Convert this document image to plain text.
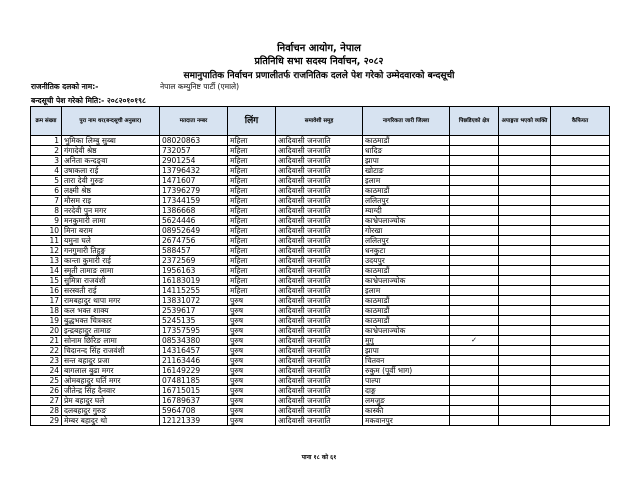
निर्वाचन आयोग, नेपाल
प्रतिनिधि सभा सदस्य निर्वाचन, २०८२
समानुपातिक निर्वाचन प्रणालीतर्फ राजनितिक दलले पेश गरेको उम्मेदवारको बन्दसूची
राजनीतिक दलको नाम:-	नेपाल कम्युनिष्ट पार्टी (एमाले)
बन्दसूची पेश गरेको मिति:- २०८२०१०१९८
क्रम संख्या	पुरा नाम थर(बन्दसूची अनुसार)	मतदाता नम्बर	लिंग	समावेशी समूह	नागरिकता जारी जिल्ला	पिछडिएको क्षेत्र	अपाङ्गता भएको व्यक्ति	कैफियत
1	भुमिका लिम्बु सुब्बा	08020863	महिला	आदिवासी जनजाति	काठमाडौं			
2	गंगादेवी श्रेष्ठ	732057	महिला	आदिवासी जनजाति	धादिङ			
3	अनिता कन्दङ्वा	2901254	महिला	आदिवासी जनजाति	झापा			
4	उषाकला राई	13796432	महिला	आदिवासी जनजाति	खोटाङ			
5	तारा देवी गुरुङ	1471607	महिला	आदिवासी जनजाति	इलाम			
6	लक्ष्मी श्रेष्ठ	17396279	महिला	आदिवासी जनजाति	काठमाडौं			
7	मौसम राइ	17344159	महिला	आदिवासी जनजाति	ललितपुर			
8	नरदेवी पुन मगर	1386668	महिला	आदिवासी जनजाति	म्याग्दी			
9	मनकुमारी लामा	5624446	महिला	आदिवासी जनजाति	काभ्रेपलाञ्चोक			
10	मिना बराम	08952649	महिला	आदिवासी जनजाति	गोरखा			
11	यमुना घले	2674756	महिला	आदिवासी जनजाति	ललितपुर			
12	गनगुमारी तिहुङ्ग	588457	महिला	आदिवासी जनजाति	धनकुटा			
13	कान्ता कुमारी राई	2372569	महिला	आदिवासी जनजाति	उदयपुर			
14	स्मृती तामाङ लामा	1956163	महिला	आदिवासी जनजाति	काठमाडौं			
15	सुमित्रा राजवंशी	16183019	महिला	आदिवासी जनजाति	काभ्रेपलाञ्चोक			
16	सरस्वती राई	14115255	महिला	आदिवासी जनजाति	इलाम			
17	रामबहादुर थापा मगर	13831072	पुरुष	आदिवासी जनजाति	काठमाडौं			
18	कल भक्त शाक्य	2539617	पुरुष	आदिवासी जनजाति	काठमाडौं			
19	बुद्धभक्त चित्रकार	5245135	पुरुष	आदिवासी जनजाति	काठमाडौं			
20	इन्द्रबहादुर तामाङ	17357595	पुरुष	आदिवासी जनजाति	काभ्रेपलाञ्चोक			
21	सोनाम छिरिङ लामा	08534380	पुरुष	आदिवासी जनजाति	मुगु	✓		
22	चिदानन्द सिंह राजवंशी	14316457	पुरुष	आदिवासी जनजाति	झापा			
23	सन्त बहादुर प्रजा	21163446	पुरुष	आदिवासी जनजाति	चितवन			
24	बागलाल बुढा मगर	16149229	पुरुष	आदिवासी जनजाति	रुकुम (पूर्वी भाग)			
25	ओमबहादुर घर्ति मगर	07481185	पुरुष	आदिवासी जनजाति	पाल्पा			
26	जीतेन्द्र सिंह दैनवार	16715015	पुरुष	आदिवासी जनजाति	दाङ्ग			
27	प्रेम बहादुर घले	16789637	पुरुष	आदिवासी जनजाति	लमजुङ			
28	दलबहादुर गुरुङ	5964708	पुरुष	आदिवासी जनजाति	कास्की			
29	मेम्बर बहादुर थो	12121339	पुरुष	आदिवासी जनजाति	मकवानपुर			
पाना १८ को ६१
